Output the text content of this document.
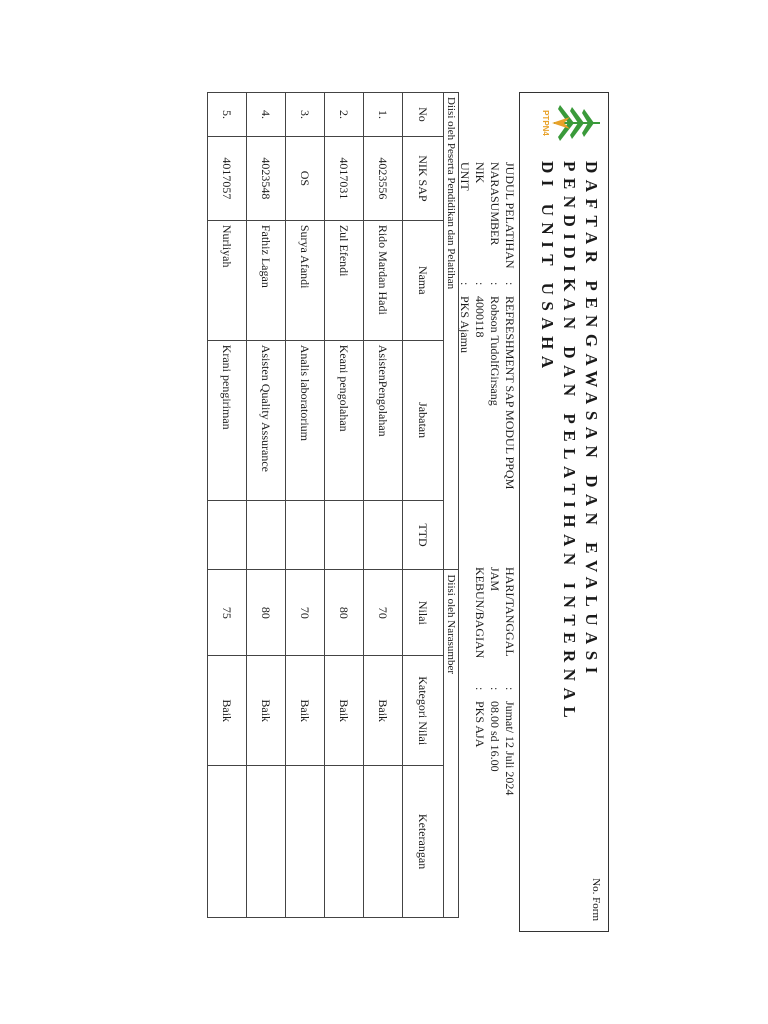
PTPN4
DAFTAR PENGAWASAN DAN EVALUASI
PENDIDIKAN DAN PELATIHAN INTERNAL
DI UNIT USAHA
No. Form
JUDUL PELATIHAN:REFRESHMENT SAP MODUL PPQM
NARASUMBER:Robson TudolfGirsang
NIK:4000118
UNIT:PKS Ajamu
HARI/TANGGAL:Jumat/ 12 Juli 2024
JAM:08.00 sd 16.00
KEBUN/BAGIAN:PKS AJA
Diisi oleh Peserta Pendidikan dan Pelatihan					Diisi oleh Narasumber		
No	NIK SAP	Nama	Jabatan	TTD	Nilai	Kategori Nilai	Keterangan
1.	4023556	Rido Mardan Hadi	AsistenPengolahan		70	Baik	
2.	4017031	Zul Efendi	Keani pengolahan		80	Baik	
3.	OS	Surya Afandi	Analis laboratorium		70	Baik	
4.	4023548	Fathiz Lagan	Asisten Quality Assurance		80	Baik	
5.	4017057	Nurliyah	Krani pengiriman		75	Baik	
